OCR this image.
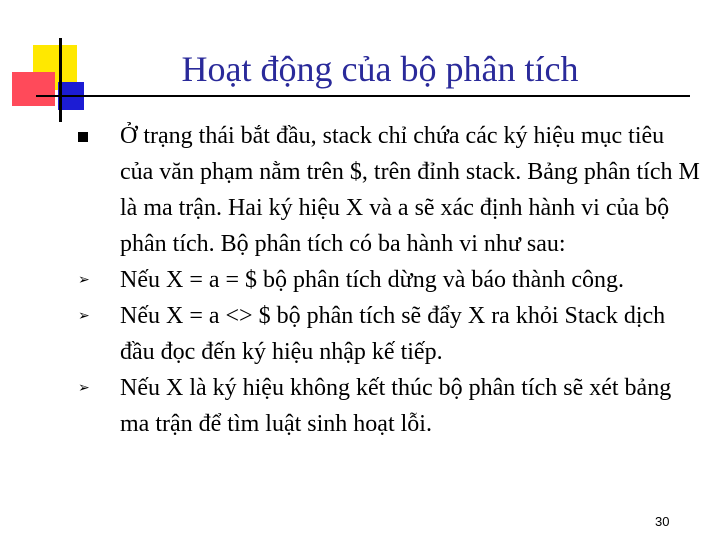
Hoạt động của bộ phân tích
Ở trạng thái bắt đầu, stack chỉ chứa các ký hiệu mục tiêu của văn phạm nằm trên $, trên đỉnh stack. Bảng phân tích M là ma trận. Hai ký hiệu X và a sẽ xác định hành vi của bộ phân tích. Bộ phân tích có ba hành vi như sau:
➢	Nếu X = a = $ bộ phân tích dừng và báo thành công.
➢	Nếu X = a <> $ bộ phân tích sẽ đẩy X ra khỏi Stack dịch đầu đọc đến ký hiệu nhập kế tiếp.
➢	Nếu X là ký hiệu không kết thúc bộ phân tích sẽ xét bảng ma trận để tìm luật sinh hoạt lỗi.
30
